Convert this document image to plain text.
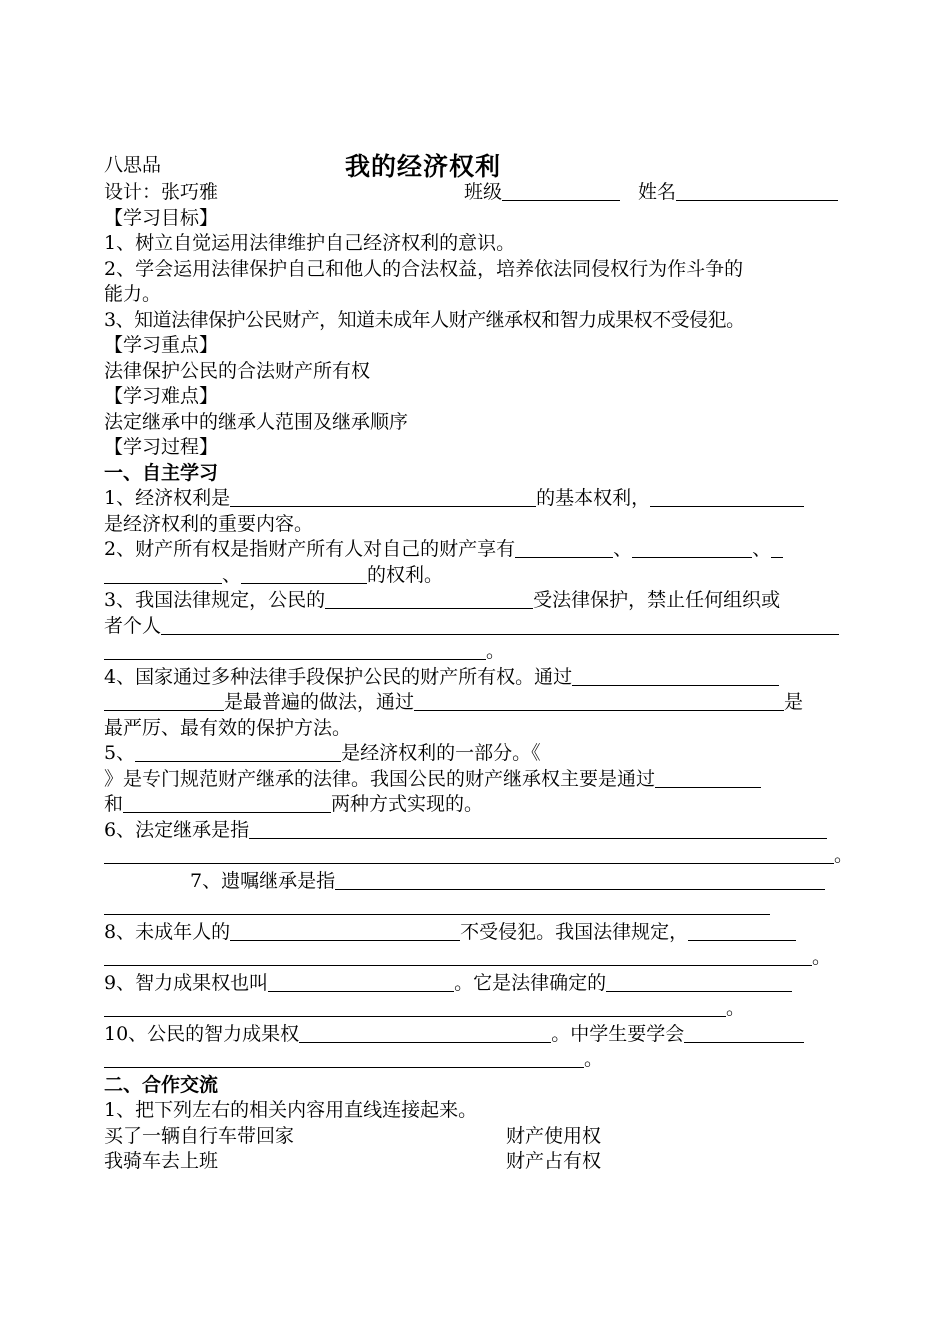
八思品	我的经济权利
设计：张巧雅	班级	姓名
【学习目标】
1、树立自觉运用法律维护自己经济权利的意识。
2、学会运用法律保护自己和他人的合法权益，培养依法同侵权行为作斗争的
能力。
3、知道法律保护公民财产，知道未成年人财产继承权和智力成果权不受侵犯。
【学习重点】
法律保护公民的合法财产所有权
【学习难点】
法定继承中的继承人范围及继承顺序
【学习过程】
一、自主学习
1、经济权利是	的基本权利，
是经济权利的重要内容。
2、财产所有权是指财产所有人对自己的财产享有	、	、
、	的权利。
3、我国法律规定，公民的	受法律保护，禁止任何组织或
者个人
。
4、国家通过多种法律手段保护公民的财产所有权。通过
是最普遍的做法，通过	是
最严厉、最有效的保护方法。
5、	是经济权利的一部分。《
》是专门规范财产继承的法律。我国公民的财产继承权主要是通过
和	两种方式实现的。
6、法定继承是指
。
7、遗嘱继承是指
8、未成年人的	不受侵犯。我国法律规定，
。
9、智力成果权也叫	。它是法律确定的
。
10、公民的智力成果权	。中学生要学会
。
二、合作交流
1、把下列左右的相关内容用直线连接起来。
买了一辆自行车带回家	财产使用权
我骑车去上班	财产占有权
